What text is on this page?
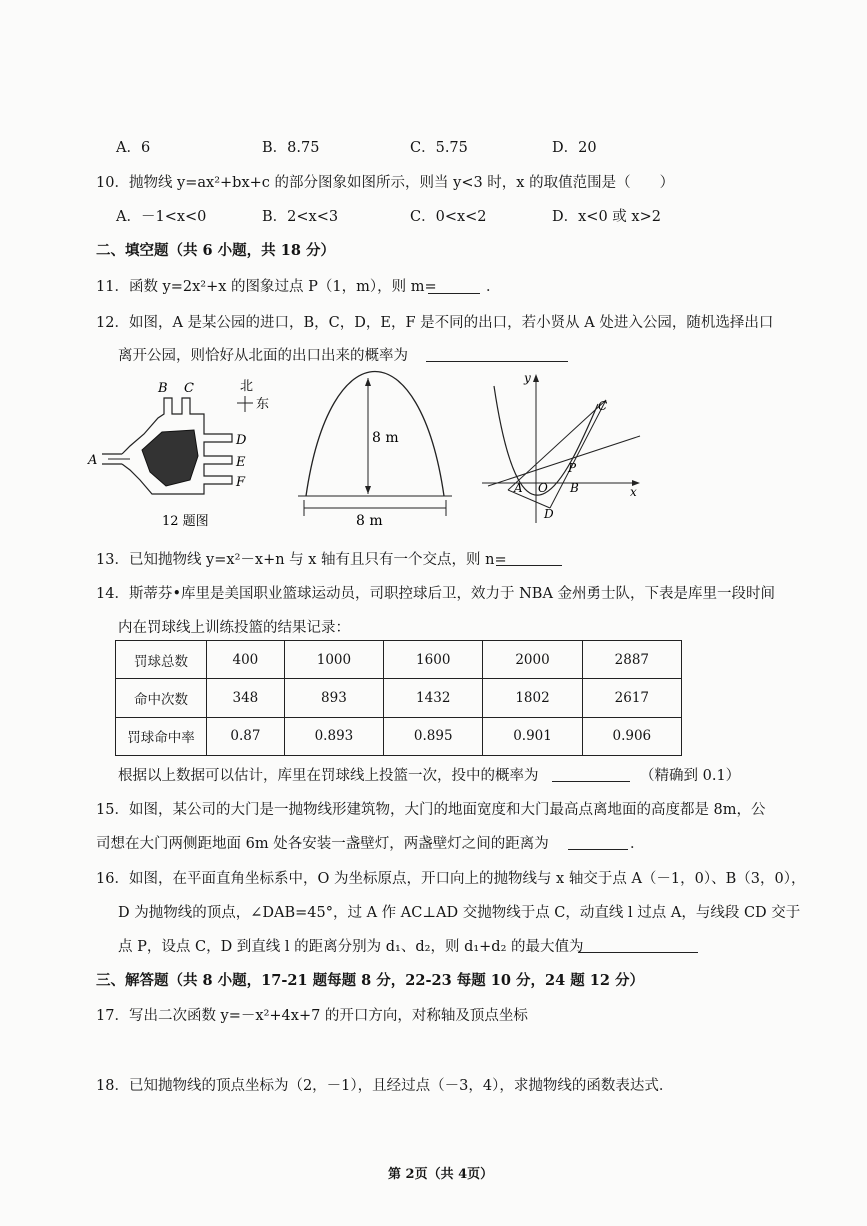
A．6	B．8.75	C．5.75	D．20
10．抛物线 y=ax²+bx+c 的部分图象如图所示，则当 y<3 时，x 的取值范围是（　　）
A．－1<x<0	B．2<x<3	C．0<x<2	D．x<0 或 x>2
二、填空题（共 6 小题，共 18 分）
11．函数 y=2x²+x 的图象过点 P（1，m），则 m=	．
12．如图，A 是某公园的进口，B，C，D，E，F 是不同的出口，若小贤从 A 处进入公园，随机选择出口
离开公园，则恰好从北面的出口出来的概率为
北
东
A
B C
D
E
F
12 题图
8 m
8 m
y
x
A O B
C
D
P
13．已知抛物线 y=x²－x+n 与 x 轴有且只有一个交点，则 n=
14．斯蒂芬•库里是美国职业篮球运动员，司职控球后卫，效力于 NBA 金州勇士队，下表是库里一段时间
内在罚球线上训练投篮的结果记录：
罚球总数	400	1000	1600	2000	2887
命中次数	348	893	1432	1802	2617
罚球命中率	0.87	0.893	0.895	0.901	0.906
根据以上数据可以估计，库里在罚球线上投篮一次，投中的概率为	（精确到 0.1）
15．如图，某公司的大门是一抛物线形建筑物，大门的地面宽度和大门最高点离地面的高度都是 8m，公
司想在大门两侧距地面 6m 处各安装一盏壁灯，两盏壁灯之间的距离为	．
16．如图，在平面直角坐标系中，O 为坐标原点，开口向上的抛物线与 x 轴交于点 A（－1，0）、B（3，0），
D 为抛物线的顶点，∠DAB=45°，过 A 作 AC⊥AD 交抛物线于点 C，动直线 l 过点 A，与线段 CD 交于
点 P，设点 C，D 到直线 l 的距离分别为 d₁、d₂，则 d₁+d₂ 的最大值为
三、解答题（共 8 小题，17-21 题每题 8 分，22-23 每题 10 分，24 题 12 分）
17．写出二次函数 y=－x²+4x+7 的开口方向，对称轴及顶点坐标
18．已知抛物线的顶点坐标为（2，－1），且经过点（－3，4），求抛物线的函数表达式．
第 2页（共 4页）
